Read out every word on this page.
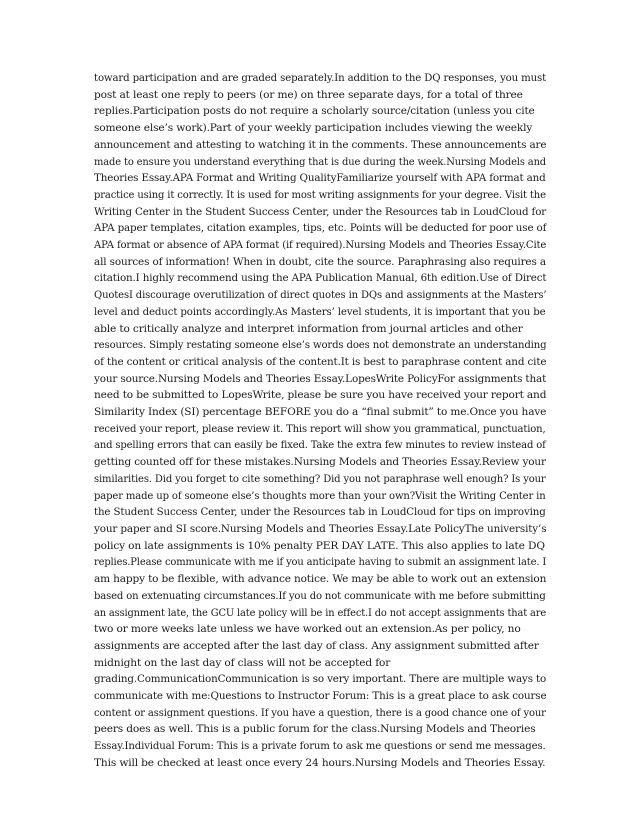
toward participation and are graded separately.In addition to the DQ responses, you must
post at least one reply to peers (or me) on three separate days, for a total of three
replies.Participation posts do not require a scholarly source/citation (unless you cite
someone else’s work).Part of your weekly participation includes viewing the weekly
announcement and attesting to watching it in the comments. These announcements are
made to ensure you understand everything that is due during the week.Nursing Models and
Theories Essay.APA Format and Writing QualityFamiliarize yourself with APA format and
practice using it correctly. It is used for most writing assignments for your degree. Visit the
Writing Center in the Student Success Center, under the Resources tab in LoudCloud for
APA paper templates, citation examples, tips, etc. Points will be deducted for poor use of
APA format or absence of APA format (if required).Nursing Models and Theories Essay.Cite
all sources of information! When in doubt, cite the source. Paraphrasing also requires a
citation.I highly recommend using the APA Publication Manual, 6th edition.Use of Direct
QuotesI discourage overutilization of direct quotes in DQs and assignments at the Masters’
level and deduct points accordingly.As Masters’ level students, it is important that you be
able to critically analyze and interpret information from journal articles and other
resources. Simply restating someone else’s words does not demonstrate an understanding
of the content or critical analysis of the content.It is best to paraphrase content and cite
your source.Nursing Models and Theories Essay.LopesWrite PolicyFor assignments that
need to be submitted to LopesWrite, please be sure you have received your report and
Similarity Index (SI) percentage BEFORE you do a “final submit” to me.Once you have
received your report, please review it. This report will show you grammatical, punctuation,
and spelling errors that can easily be fixed. Take the extra few minutes to review instead of
getting counted off for these mistakes.Nursing Models and Theories Essay.Review your
similarities. Did you forget to cite something? Did you not paraphrase well enough? Is your
paper made up of someone else’s thoughts more than your own?Visit the Writing Center in
the Student Success Center, under the Resources tab in LoudCloud for tips on improving
your paper and SI score.Nursing Models and Theories Essay.Late PolicyThe university’s
policy on late assignments is 10% penalty PER DAY LATE. This also applies to late DQ
replies.Please communicate with me if you anticipate having to submit an assignment late. I
am happy to be flexible, with advance notice. We may be able to work out an extension
based on extenuating circumstances.If you do not communicate with me before submitting
an assignment late, the GCU late policy will be in effect.I do not accept assignments that are
two or more weeks late unless we have worked out an extension.As per policy, no
assignments are accepted after the last day of class. Any assignment submitted after
midnight on the last day of class will not be accepted for
grading.CommunicationCommunication is so very important. There are multiple ways to
communicate with me:Questions to Instructor Forum: This is a great place to ask course
content or assignment questions. If you have a question, there is a good chance one of your
peers does as well. This is a public forum for the class.Nursing Models and Theories
Essay.Individual Forum: This is a private forum to ask me questions or send me messages.
This will be checked at least once every 24 hours.Nursing Models and Theories Essay.
